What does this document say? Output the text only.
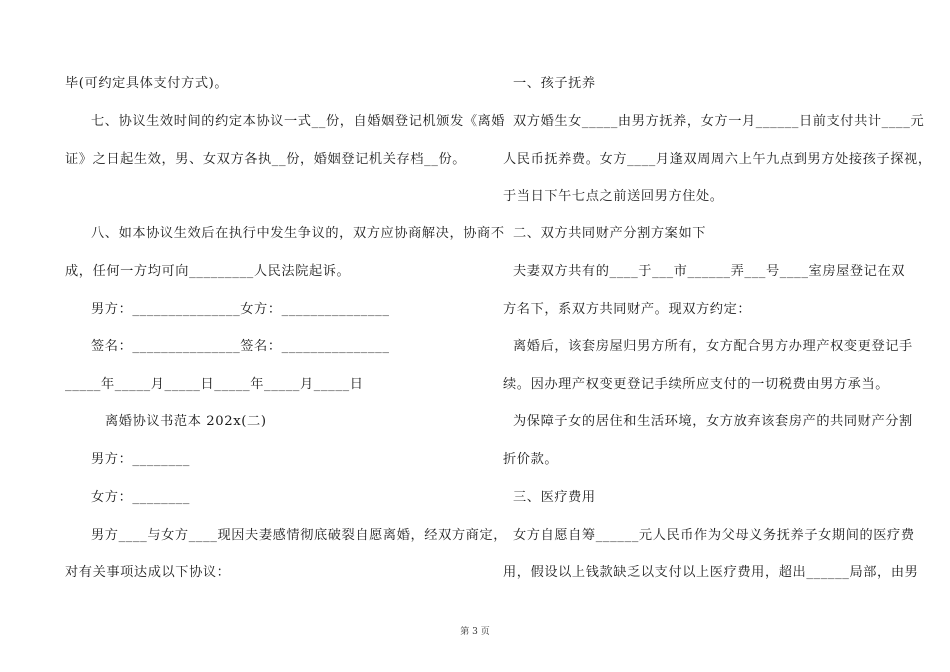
毕(可约定具体支付方式)。
七、协议生效时间的约定本协议一式__份，自婚姻登记机颁发《离婚
证》之日起生效，男、女双方各执__份，婚姻登记机关存档__份。
八、如本协议生效后在执行中发生争议的，双方应协商解决，协商不
成，任何一方均可向_________人民法院起诉。
男方：_______________女方：_______________
签名：_______________签名：_______________
_____年_____月_____日_____年_____月_____日
离婚协议书范本 202x(二)
男方：________
女方：________
男方____与女方____现因夫妻感情彻底破裂自愿离婚，经双方商定，
对有关事项达成以下协议：
一、孩子抚养
双方婚生女_____由男方抚养，女方一月______日前支付共计____元
人民币抚养费。女方____月逢双周周六上午九点到男方处接孩子探视，
于当日下午七点之前送回男方住处。
二、双方共同财产分割方案如下
夫妻双方共有的____于___市______弄___号____室房屋登记在双
方名下，系双方共同财产。现双方约定：
离婚后，该套房屋归男方所有，女方配合男方办理产权变更登记手
续。因办理产权变更登记手续所应支付的一切税费由男方承当。
为保障子女的居住和生活环境，女方放弃该套房产的共同财产分割
折价款。
三、医疗费用
女方自愿自筹______元人民币作为父母义务抚养子女期间的医疗费
用，假设以上钱款缺乏以支付以上医疗费用，超出______局部，由男
第 3 页
